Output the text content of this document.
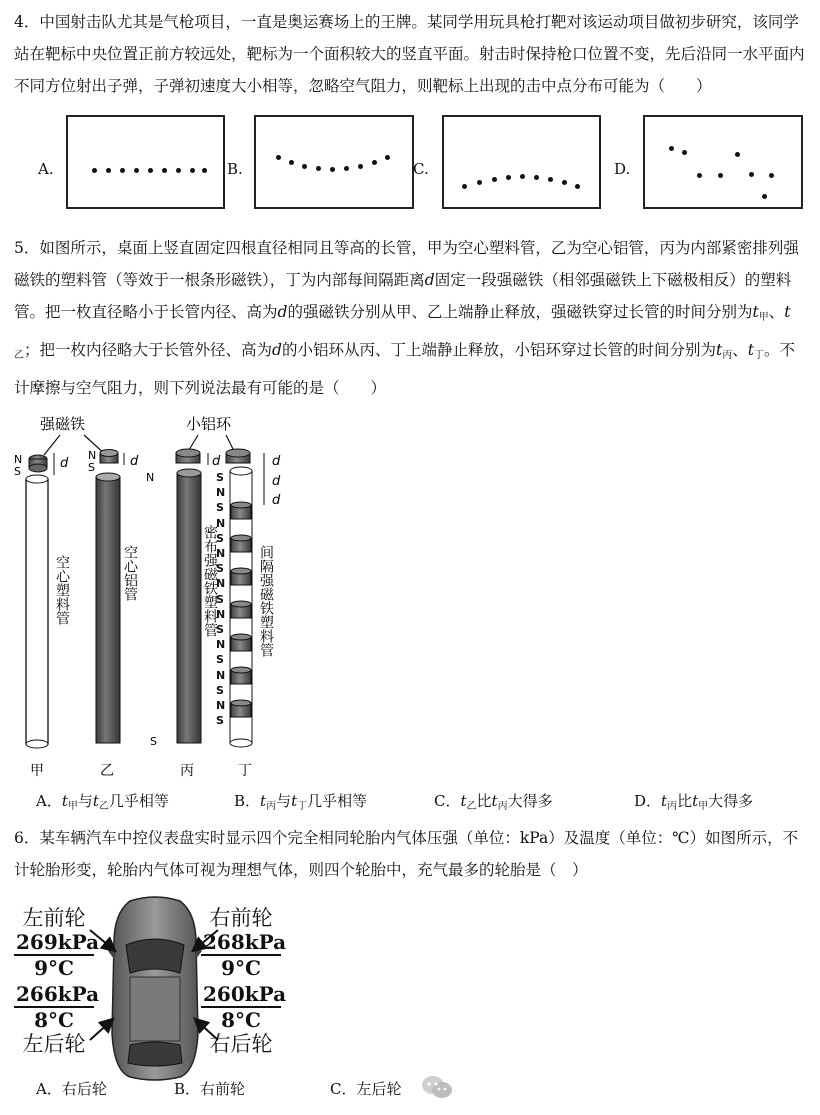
4．中国射击队尤其是气枪项目，一直是奥运赛场上的王牌。某同学用玩具枪打靶对该运动项目做初步研究，该同学站在靶标中央位置正前方较远处，靶标为一个面积较大的竖直平面。射击时保持枪口位置不变，先后沿同一水平面内不同方位射出子弹，子弹初速度大小相等，忽略空气阻力，则靶标上出现的击中点分布可能为（　　）

A.	B.	C.	D.

5．如图所示，桌面上竖直固定四根直径相同且等高的长管，甲为空心塑料管，乙为空心铝管，丙为内部紧密排列强磁铁的塑料管（等效于一根条形磁铁），丁为内部每间隔距离d固定一段强磁铁（相邻强磁铁上下磁极相反）的塑料管。把一枚直径略小于长管内径、高为d的强磁铁分别从甲、乙上端静止释放，强磁铁穿过长管的时间分别为$t_甲$、$t_乙$；把一枚内径略大于长管外径、高为d的小铝环从丙、丁上端静止释放，小铝环穿过长管的时间分别为$t_丙$、$t_丁$。不计摩擦与空气阻力，则下列说法最有可能的是（　　）

强磁铁	小铝环
N
S
d
N
S	d	d
N
S
d
d
d
空心塑料管	空心铝管	密布强磁铁塑料管	间隔强磁铁塑料管
甲	乙	丙	丁
S
N
S
N
S
N
S
N
S
N
S
N
S
N
S
N
S
A．$t_甲$与$t_乙$几乎相等	B．$t_丙$与$t_丁$几乎相等	C．$t_乙$比$t_丙$大得多	D．$t_丙$比$t_甲$大得多

6．某车辆汽车中控仪表盘实时显示四个完全相同轮胎内气体压强（单位：kPa）及温度（单位：℃）如图所示，不计轮胎形变，轮胎内气体可视为理想气体，则四个轮胎中，充气最多的轮胎是（　）

左前轮
269kPa
9°C
右前轮
268kPa
9°C
266kPa
8°C
左后轮
260kPa
8°C
右后轮
A．右后轮	B．右前轮	C．左后轮
